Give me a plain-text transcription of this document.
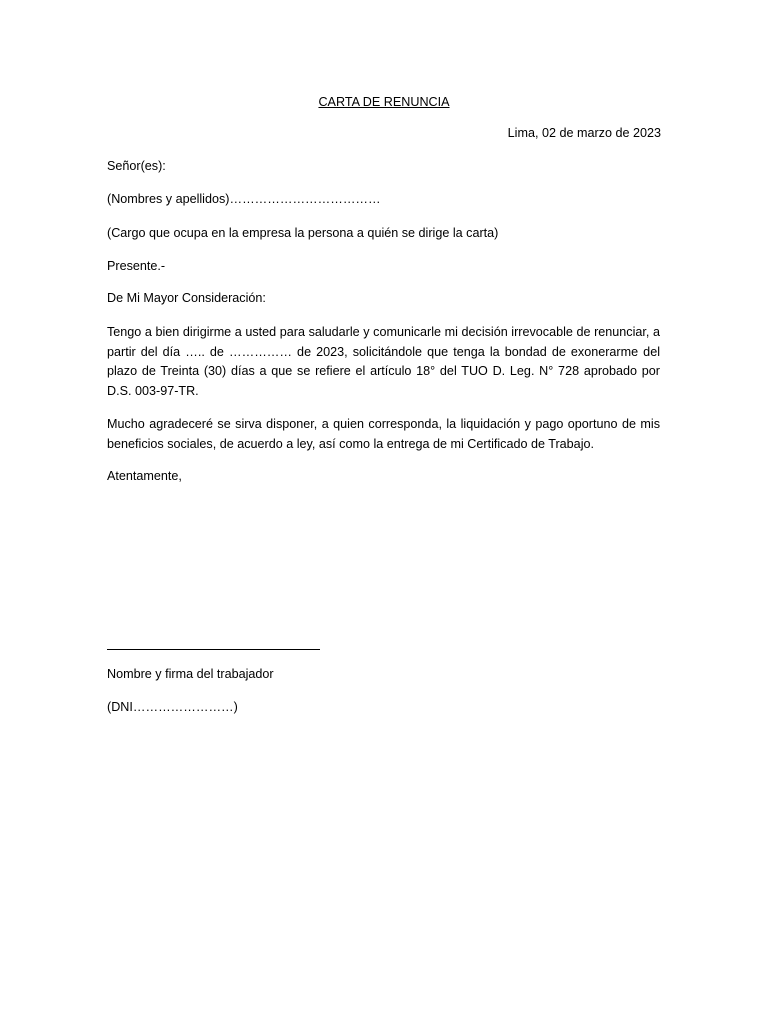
CARTA DE RENUNCIA
Lima, 02 de marzo de 2023
Señor(es):
(Nombres y apellidos)………………………………
(Cargo que ocupa en la empresa la persona a quién se dirige la carta)
Presente.-
De Mi Mayor Consideración:
Tengo a bien dirigirme a usted para saludarle y comunicarle mi decisión irrevocable de renunciar, a partir del día ….. de …………… de 2023, solicitándole que tenga la bondad de exonerarme del plazo de Treinta (30) días a que se refiere el artículo 18° del TUO D. Leg. N° 728 aprobado por D.S. 003-97-TR.
Mucho agradeceré se sirva disponer, a quien corresponda, la liquidación y pago oportuno de mis beneficios sociales, de acuerdo a ley, así como la entrega de mi Certificado de Trabajo.
Atentamente,
Nombre y firma del trabajador
(DNI……………………)
